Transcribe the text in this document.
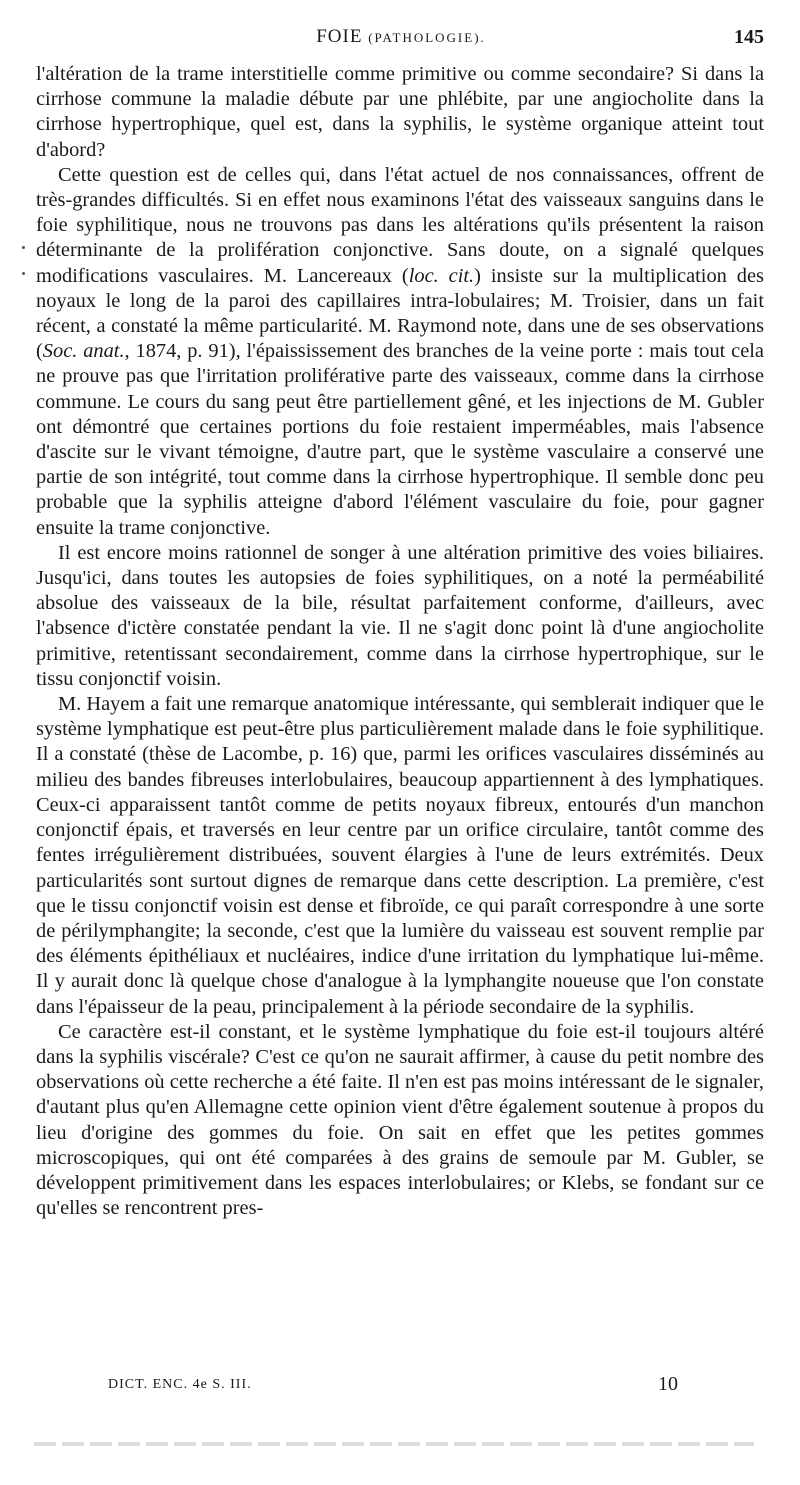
FOIE (PATHOLOGIE).	145

l'altération de la trame interstitielle comme primitive ou comme secondaire? Si dans la cirrhose commune la maladie débute par une phlébite, par une angiocholite dans la cirrhose hypertrophique, quel est, dans la syphilis, le système organique atteint tout d'abord?

Cette question est de celles qui, dans l'état actuel de nos connaissances, offrent de très-grandes difficultés. Si en effet nous examinons l'état des vaisseaux sanguins dans le foie syphilitique, nous ne trouvons pas dans les altérations qu'ils présentent la raison déterminante de la prolifération conjonctive. Sans doute, on a signalé quelques modifications vasculaires. M. Lancereaux (loc. cit.) insiste sur la multiplication des noyaux le long de la paroi des capillaires intra-lobulaires; M. Troisier, dans un fait récent, a constaté la même particularité. M. Raymond note, dans une de ses observations (Soc. anat., 1874, p. 91), l'épaississement des branches de la veine porte : mais tout cela ne prouve pas que l'irritation proliférative parte des vaisseaux, comme dans la cirrhose commune. Le cours du sang peut être partiellement gêné, et les injections de M. Gubler ont démontré que certaines portions du foie restaient imperméables, mais l'absence d'ascite sur le vivant témoigne, d'autre part, que le système vasculaire a conservé une partie de son intégrité, tout comme dans la cirrhose hypertrophique. Il semble donc peu probable que la syphilis atteigne d'abord l'élément vasculaire du foie, pour gagner ensuite la trame conjonctive.

Il est encore moins rationnel de songer à une altération primitive des voies biliaires. Jusqu'ici, dans toutes les autopsies de foies syphilitiques, on a noté la perméabilité absolue des vaisseaux de la bile, résultat parfaitement conforme, d'ailleurs, avec l'absence d'ictère constatée pendant la vie. Il ne s'agit donc point là d'une angiocholite primitive, retentissant secondairement, comme dans la cirrhose hypertrophique, sur le tissu conjonctif voisin.

M. Hayem a fait une remarque anatomique intéressante, qui semblerait indiquer que le système lymphatique est peut-être plus particulièrement malade dans le foie syphilitique. Il a constaté (thèse de Lacombe, p. 16) que, parmi les orifices vasculaires disséminés au milieu des bandes fibreuses interlobulaires, beaucoup appartiennent à des lymphatiques. Ceux-ci apparaissent tantôt comme de petits noyaux fibreux, entourés d'un manchon conjonctif épais, et traversés en leur centre par un orifice circulaire, tantôt comme des fentes irrégulièrement distribuées, souvent élargies à l'une de leurs extrémités. Deux particularités sont surtout dignes de remarque dans cette description. La première, c'est que le tissu conjonctif voisin est dense et fibroïde, ce qui paraît correspondre à une sorte de périlymphangite; la seconde, c'est que la lumière du vaisseau est souvent remplie par des éléments épithéliaux et nucléaires, indice d'une irritation du lymphatique lui-même. Il y aurait donc là quelque chose d'analogue à la lymphangite noueuse que l'on constate dans l'épaisseur de la peau, principalement à la période secondaire de la syphilis.

Ce caractère est-il constant, et le système lymphatique du foie est-il toujours altéré dans la syphilis viscérale? C'est ce qu'on ne saurait affirmer, à cause du petit nombre des observations où cette recherche a été faite. Il n'en est pas moins intéressant de le signaler, d'autant plus qu'en Allemagne cette opinion vient d'être également soutenue à propos du lieu d'origine des gommes du foie. On sait en effet que les petites gommes microscopiques, qui ont été comparées à des grains de semoule par M. Gubler, se développent primitivement dans les espaces interlobulaires; or Klebs, se fondant sur ce qu'elles se rencontrent pres-

DICT. ENC. 4e S. III.	10
